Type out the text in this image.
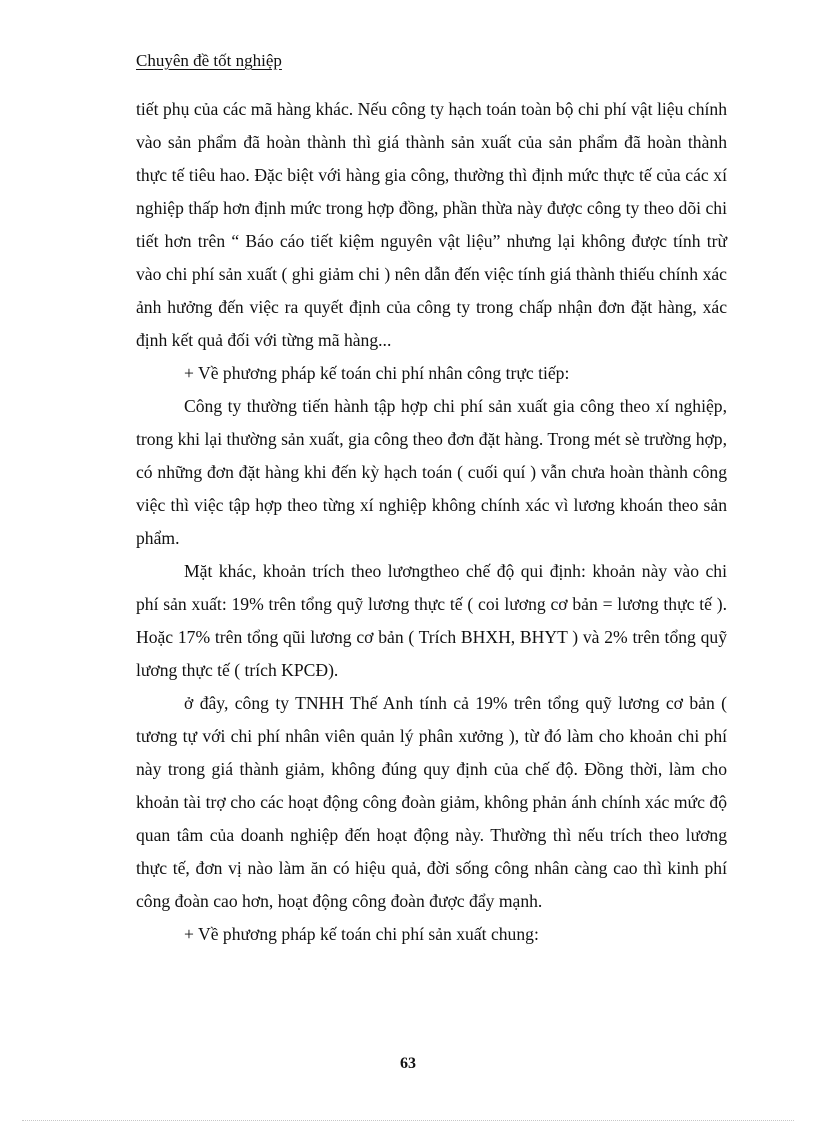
Chuyên đề tốt nghiệp

tiết phụ của các mã hàng khác. Nếu công ty hạch toán toàn bộ chi phí vật liệu chính vào sản phẩm đã hoàn thành thì giá thành sản xuất của sản phẩm đã hoàn thành thực tế tiêu hao. Đặc biệt với hàng gia công, thường thì định mức thực tế của các xí nghiệp thấp hơn định mức trong hợp đồng, phần thừa này được công ty theo dõi chi tiết hơn trên “ Báo cáo tiết kiệm nguyên vật liệu” nhưng lại không được tính trừ vào chi phí sản xuất ( ghi giảm chi ) nên dẫn đến việc tính giá thành thiếu chính xác ảnh hưởng đến việc ra quyết định của công ty trong chấp nhận đơn đặt hàng, xác định kết quả đối với từng mã hàng...

+ Về phương pháp kế toán chi phí nhân công trực tiếp:

Công ty thường tiến hành tập hợp chi phí sản xuất gia công theo xí nghiệp, trong khi lại thường sản xuất, gia công theo đơn đặt hàng. Trong mét sè trường hợp, có những đơn đặt hàng khi đến kỳ hạch toán ( cuối quí ) vẫn chưa hoàn thành công việc thì việc tập hợp theo từng xí nghiệp không chính xác vì lương khoán theo sản phẩm.

Mặt khác, khoản trích theo lươngtheo chế độ qui định: khoản này vào chi phí sản xuất: 19% trên tổng quỹ lương thực tế ( coi lương cơ bản = lương thực tế ). Hoặc 17% trên tổng qũi lương cơ bản ( Trích BHXH, BHYT ) và 2% trên tổng quỹ lương thực tế ( trích KPCĐ).

ở đây, công ty TNHH Thế Anh tính cả 19% trên tổng quỹ lương cơ bản ( tương tự với chi phí nhân viên quản lý phân xưởng ), từ đó làm cho khoản chi phí này trong giá thành giảm, không đúng quy định của chế độ. Đồng thời, làm cho khoản tài trợ cho các hoạt động công đoàn giảm, không phản ánh chính xác mức độ quan tâm của doanh nghiệp đến hoạt động này. Thường thì nếu trích theo lương thực tế, đơn vị nào làm ăn có hiệu quả, đời sống công nhân càng cao thì kinh phí công đoàn cao hơn, hoạt động công đoàn được đẩy mạnh.

+ Về phương pháp kế toán chi phí sản xuất chung:

63
